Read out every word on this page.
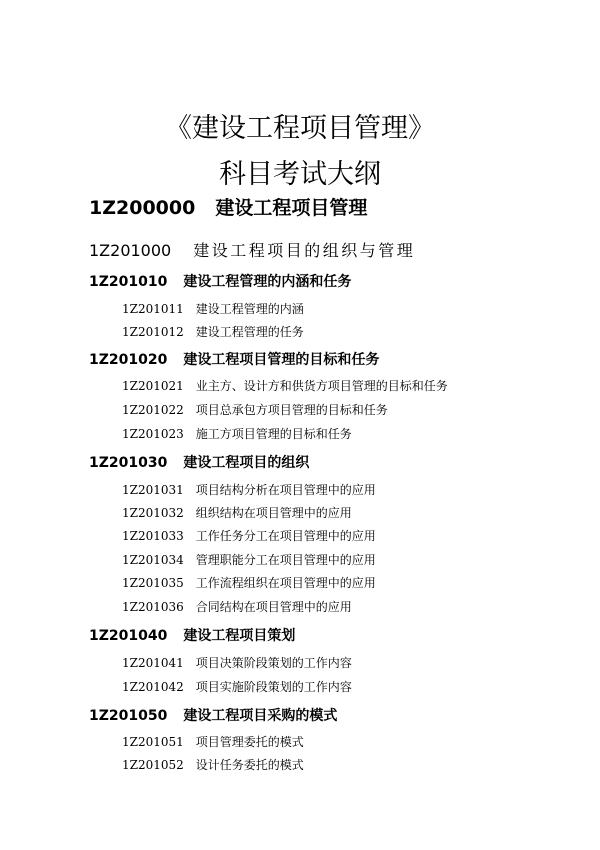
《建设工程项目管理》
科目考试大纲
1Z200000 建设工程项目管理
1Z201000 建设工程项目的组织与管理
1Z201010 建设工程管理的内涵和任务
1Z201011 建设工程管理的内涵
1Z201012 建设工程管理的任务
1Z201020 建设工程项目管理的目标和任务
1Z201021 业主方、设计方和供货方项目管理的目标和任务
1Z201022 项目总承包方项目管理的目标和任务
1Z201023 施工方项目管理的目标和任务
1Z201030 建设工程项目的组织
1Z201031 项目结构分析在项目管理中的应用
1Z201032 组织结构在项目管理中的应用
1Z201033 工作任务分工在项目管理中的应用
1Z201034 管理职能分工在项目管理中的应用
1Z201035 工作流程组织在项目管理中的应用
1Z201036 合同结构在项目管理中的应用
1Z201040 建设工程项目策划
1Z201041 项目决策阶段策划的工作内容
1Z201042 项目实施阶段策划的工作内容
1Z201050 建设工程项目采购的模式
1Z201051 项目管理委托的模式
1Z201052 设计任务委托的模式
